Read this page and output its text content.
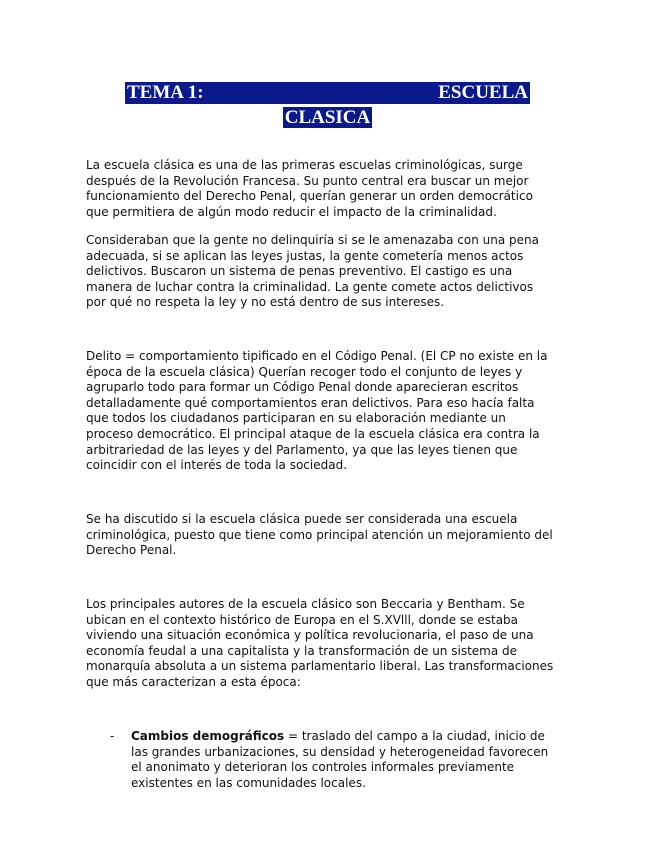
TEMA 1:	ESCUELA
CLASICA

La escuela clásica es una de las primeras escuelas criminológicas, surge después de la Revolución Francesa. Su punto central era buscar un mejor funcionamiento del Derecho Penal, querían generar un orden democrático que permitiera de algún modo reducir el impacto de la criminalidad.

Consideraban que la gente no delinquiría si se le amenazaba con una pena adecuada, si se aplican las leyes justas, la gente cometería menos actos delictivos. Buscaron un sistema de penas preventivo. El castigo es una manera de luchar contra la criminalidad. La gente comete actos delictivos por qué no respeta la ley y no está dentro de sus intereses.

Delito = comportamiento tipificado en el Código Penal. (El CP no existe en la época de la escuela clásica) Querían recoger todo el conjunto de leyes y agruparlo todo para formar un Código Penal donde aparecieran escritos detalladamente qué comportamientos eran delictivos. Para eso hacía falta que todos los ciudadanos participaran en su elaboración mediante un proceso democrático. El principal ataque de la escuela clásica era contra la arbitrariedad de las leyes y del Parlamento, ya que las leyes tienen que coincidir con el interés de toda la sociedad.

Se ha discutido si la escuela clásica puede ser considerada una escuela criminológica, puesto que tiene como principal atención un mejoramiento del Derecho Penal.

Los principales autores de la escuela clásico son Beccaria y Bentham. Se ubican en el contexto histórico de Europa en el S.XVlll, donde se estaba viviendo una situación económica y política revolucionaria, el paso de una economía feudal a una capitalista y la transformación de un sistema de monarquía absoluta a un sistema parlamentario liberal. Las transformaciones que más caracterizan a esta época:

- Cambios demográficos = traslado del campo a la ciudad, inicio de las grandes urbanizaciones, su densidad y heterogeneidad favorecen el anonimato y deterioran los controles informales previamente existentes en las comunidades locales.
